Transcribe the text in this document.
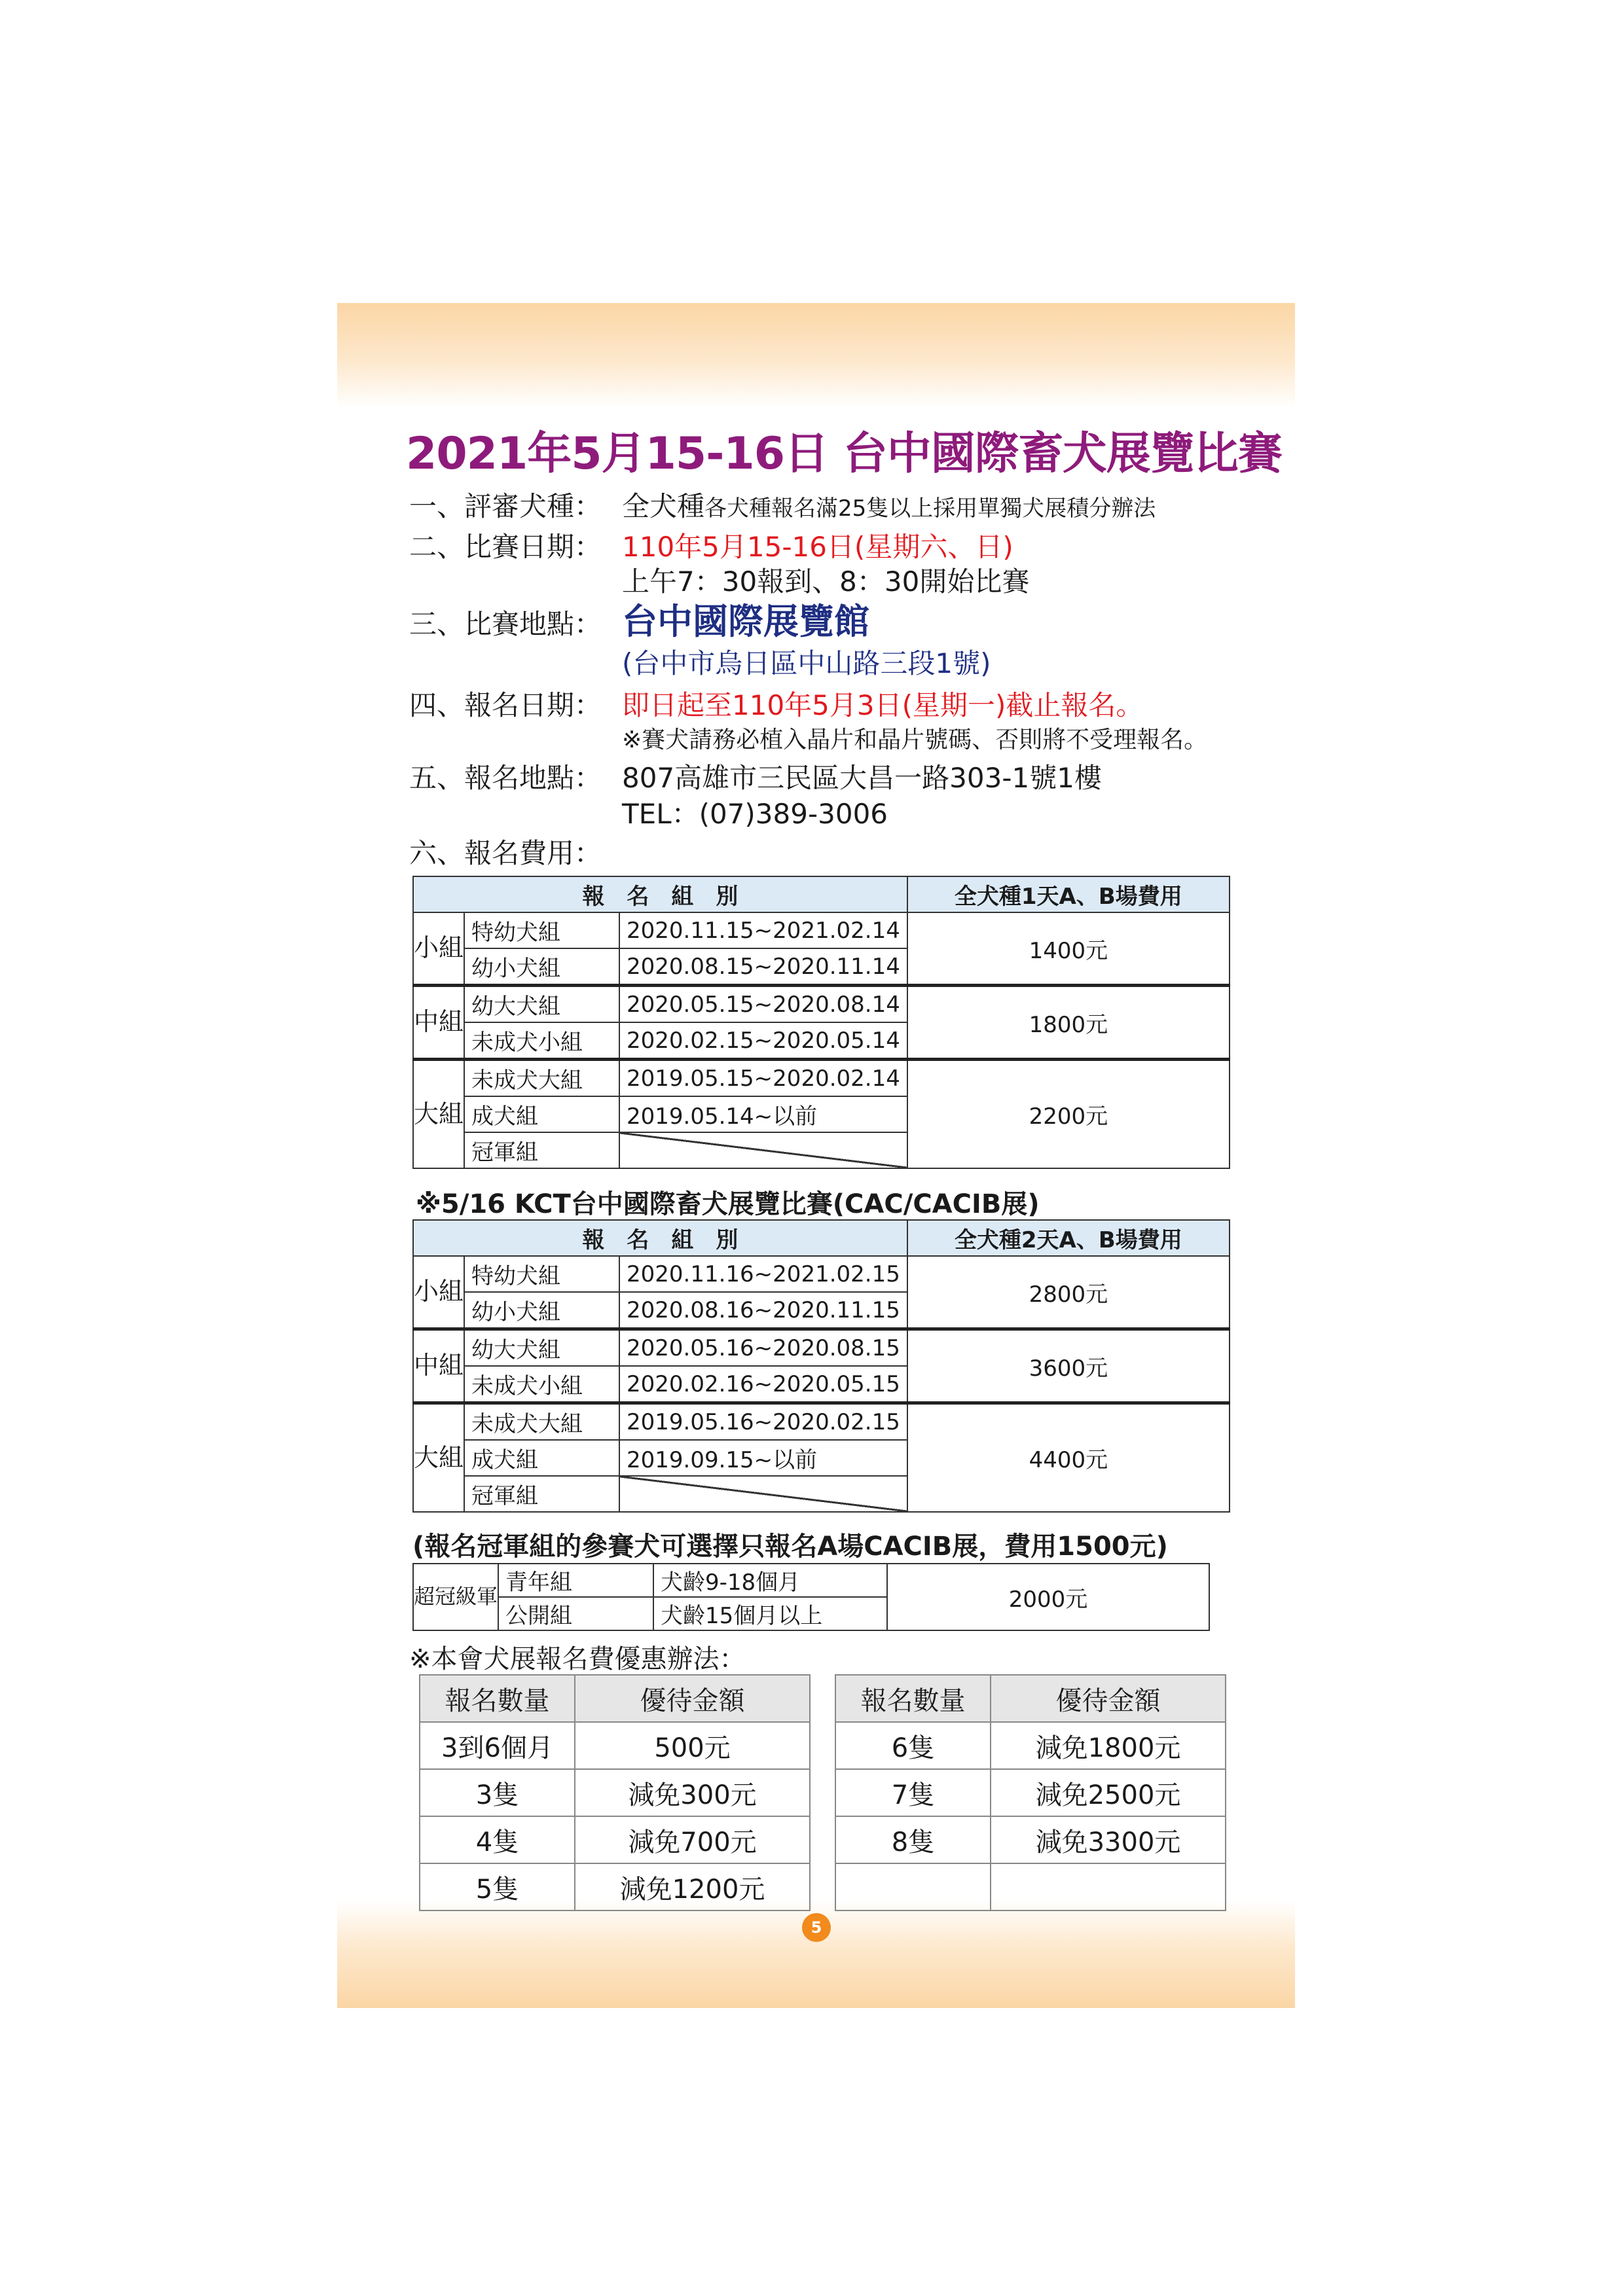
2021年5月15-16日 台中國際畜犬展覽比賽
一、評審犬種： 全犬種各犬種報名滿25隻以上採用單獨犬展積分辦法
二、比賽日期： 110年5月15-16日(星期六、日)
上午7：30報到、8：30開始比賽
三、比賽地點： 台中國際展覽館
(台中市烏日區中山路三段1號)
四、報名日期： 即日起至110年5月3日(星期一)截止報名。
※賽犬請務必植入晶片和晶片號碼、否則將不受理報名。
五、報名地點： 807高雄市三民區大昌一路303-1號1樓
TEL：(07)389-3006
六、報名費用：
報　名　組　別			全犬種1天A、B場費用
小組	特幼犬組	2020.11.15~2021.02.14	1400元
	幼小犬組	2020.08.15~2020.11.14	
中組	幼大犬組	2020.05.15~2020.08.14	1800元
	未成犬小組	2020.02.15~2020.05.14	
大組	未成犬大組	2019.05.15~2020.02.14	2200元
	成犬組	2019.05.14~以前	
	冠軍組		
※5/16 KCT台中國際畜犬展覽比賽(CAC/CACIB展)
報　名　組　別			全犬種2天A、B場費用
小組	特幼犬組	2020.11.16~2021.02.15	2800元
	幼小犬組	2020.08.16~2020.11.15	
中組	幼大犬組	2020.05.16~2020.08.15	3600元
	未成犬小組	2020.02.16~2020.05.15	
大組	未成犬大組	2019.05.16~2020.02.15	4400元
	成犬組	2019.09.15~以前	
	冠軍組		
(報名冠軍組的參賽犬可選擇只報名A場CACIB展，費用1500元)
超冠級軍	青年組	犬齡9-18個月	2000元
	公開組	犬齡15個月以上	
※本會犬展報名費優惠辦法：
報名數量	優待金額
3到6個月	500元
3隻	減免300元
4隻	減免700元
5隻	減免1200元
報名數量	優待金額
6隻	減免1800元
7隻	減免2500元
8隻	減免3300元

5
